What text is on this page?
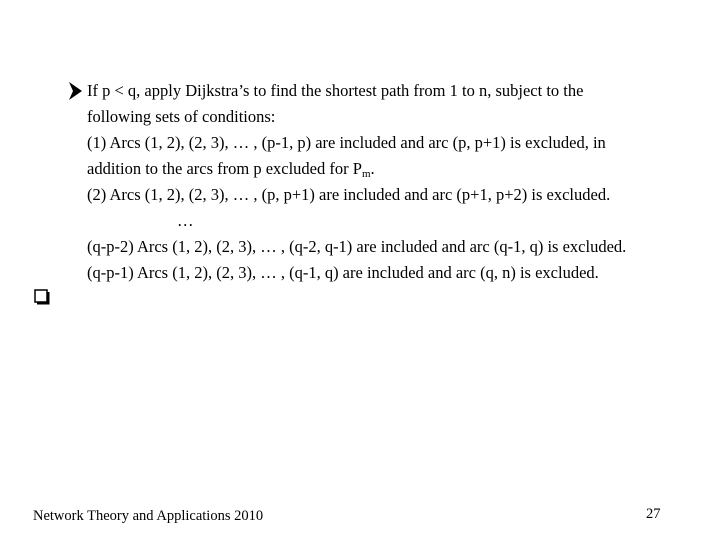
If p < q, apply Dijkstra’s to find the shortest path from 1 to n, subject to the
following sets of conditions:
(1) Arcs (1, 2), (2, 3), … , (p-1, p) are included and arc (p, p+1) is excluded, in
addition to the arcs from p excluded for $P_m$.
(2) Arcs (1, 2), (2, 3), … , (p, p+1) are included and arc (p+1, p+2) is excluded.
…
(q-p-2) Arcs (1, 2), (2, 3), … , (q-2, q-1) are included and arc (q-1, q) is excluded.
(q-p-1) Arcs (1, 2), (2, 3), … , (q-1, q) are included and arc (q, n) is excluded.
Network Theory and Applications 2010	27
